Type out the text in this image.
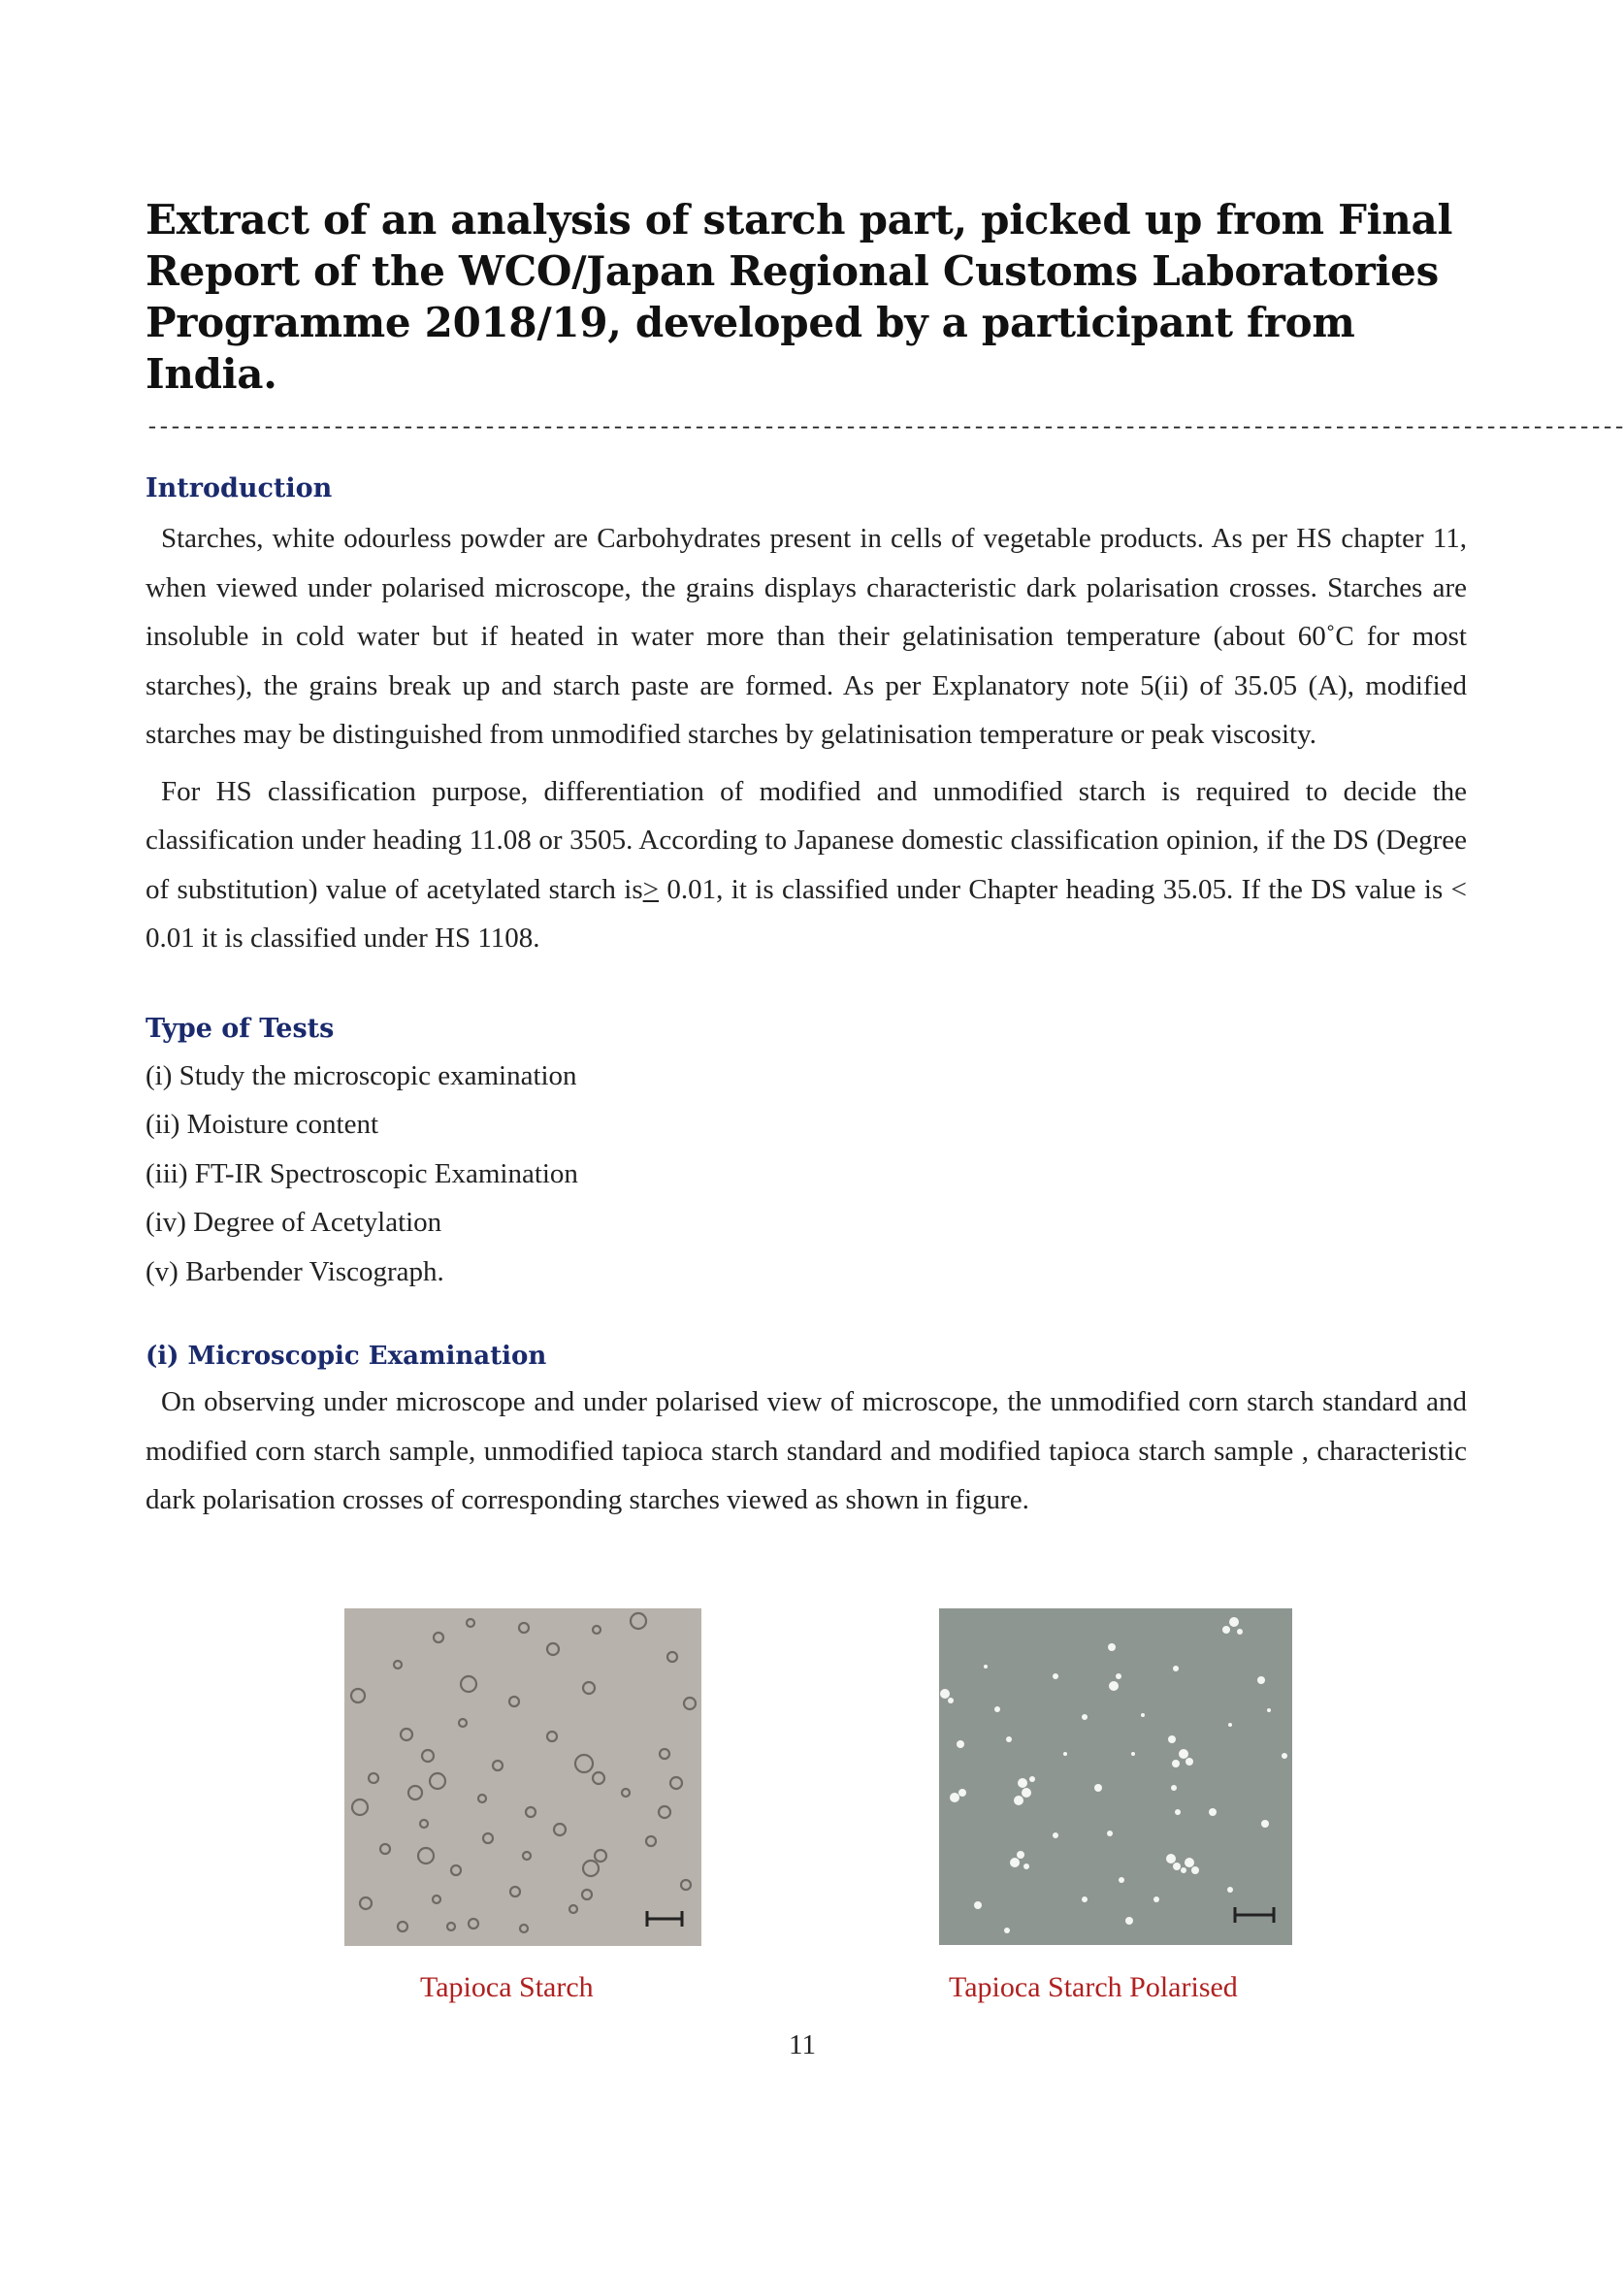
Extract of an analysis of starch part, picked up from Final Report of the WCO/Japan Regional Customs Laboratories Programme 2018/19, developed by a participant from India.
-------------------------------------------------------------------------------------------------------------------------------
Introduction

Starches, white odourless powder are Carbohydrates present in cells of vegetable products. As per HS chapter 11, when viewed under polarised microscope, the grains displays characteristic dark polarisation crosses. Starches are insoluble in cold water but if heated in water more than their gelatinisation temperature (about 60˚C for most starches), the grains break up and starch paste are formed. As per Explanatory note 5(ii) of 35.05 (A), modified starches may be distinguished from unmodified starches by gelatinisation temperature or peak viscosity.

For HS classification purpose, differentiation of modified and unmodified starch is required to decide the classification under heading 11.08 or 3505. According to Japanese domestic classification opinion, if the DS (Degree of substitution) value of acetylated starch is≥ 0.01, it is classified under Chapter heading 35.05. If the DS value is < 0.01 it is classified under HS 1108.

Type of Tests
(i) Study the microscopic examination
(ii) Moisture content
(iii) FT-IR Spectroscopic Examination
(iv) Degree of Acetylation
(v) Barbender Viscograph.
(i) Microscopic Examination

On observing under microscope and under polarised view of microscope, the unmodified corn starch standard and modified corn starch sample, unmodified tapioca starch standard and modified tapioca starch sample , characteristic dark polarisation crosses of corresponding starches viewed as shown in figure.

Tapioca Starch	Tapioca Starch Polarised
11
